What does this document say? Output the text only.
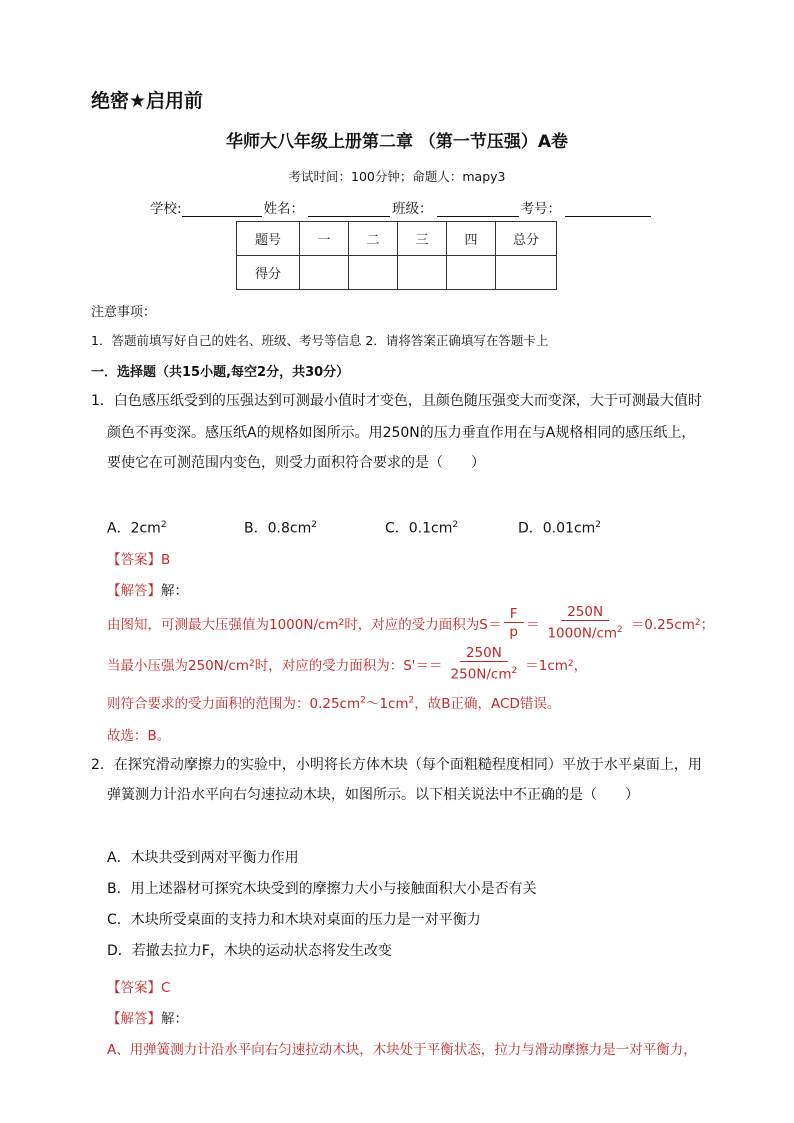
绝密★启用前
华师大八年级上册第二章 （第一节压强）A卷
考试时间：100分钟；命题人：mapy3
学校:	姓名：	班级：	考号：
题号	一	二	三	四	总分
得分					
注意事项：
1．答题前填写好自己的姓名、班级、考号等信息 2．请将答案正确填写在答题卡上
一．选择题（共15小题,每空2分，共30分）
1．白色感压纸受到的压强达到可测最小值时才变色，且颜色随压强变大而变深，大于可测最大值时
颜色不再变深。感压纸A的规格如图所示。用250N的压力垂直作用在与A规格相同的感压纸上，
要使它在可测范围内变色，则受力面积符合要求的是（　　）
A．$2cm^2$	B．$0.8cm^2$	C．$0.1cm^2$	D．$0.01cm^2$
【答案】B
【解答】解：
由图知，可测最大压强值为1000N/cm 2 时，对应的受力面积为$S= \frac{F}{p} = \frac{250N}{1000N/cm^2} =0.25cm$ 2 ；
当最小压强为250N/cm 2 时，对应的受力面积为：$S'== \frac{250N}{250N/cm^2} =1cm$ 2 ，
则符合要求的受力面积的范围为：$0.25cm^2\sim 1cm^2$，故B正确，ACD错误。
故选：B。
2．在探究滑动摩擦力的实验中，小明将长方体木块（每个面粗糙程度相同）平放于水平桌面上，用
弹簧测力计沿水平向右匀速拉动木块，如图所示。以下相关说法中不正确的是（　　）
A．木块共受到两对平衡力作用
B．用上述器材可探究木块受到的摩擦力大小与接触面积大小是否有关
C．木块所受桌面的支持力和木块对桌面的压力是一对平衡力
D．若撤去拉力F，木块的运动状态将发生改变
【答案】C
【解答】解：
A、用弹簧测力计沿水平向右匀速拉动木块，木块处于平衡状态，拉力与滑动摩擦力是一对平衡力，
